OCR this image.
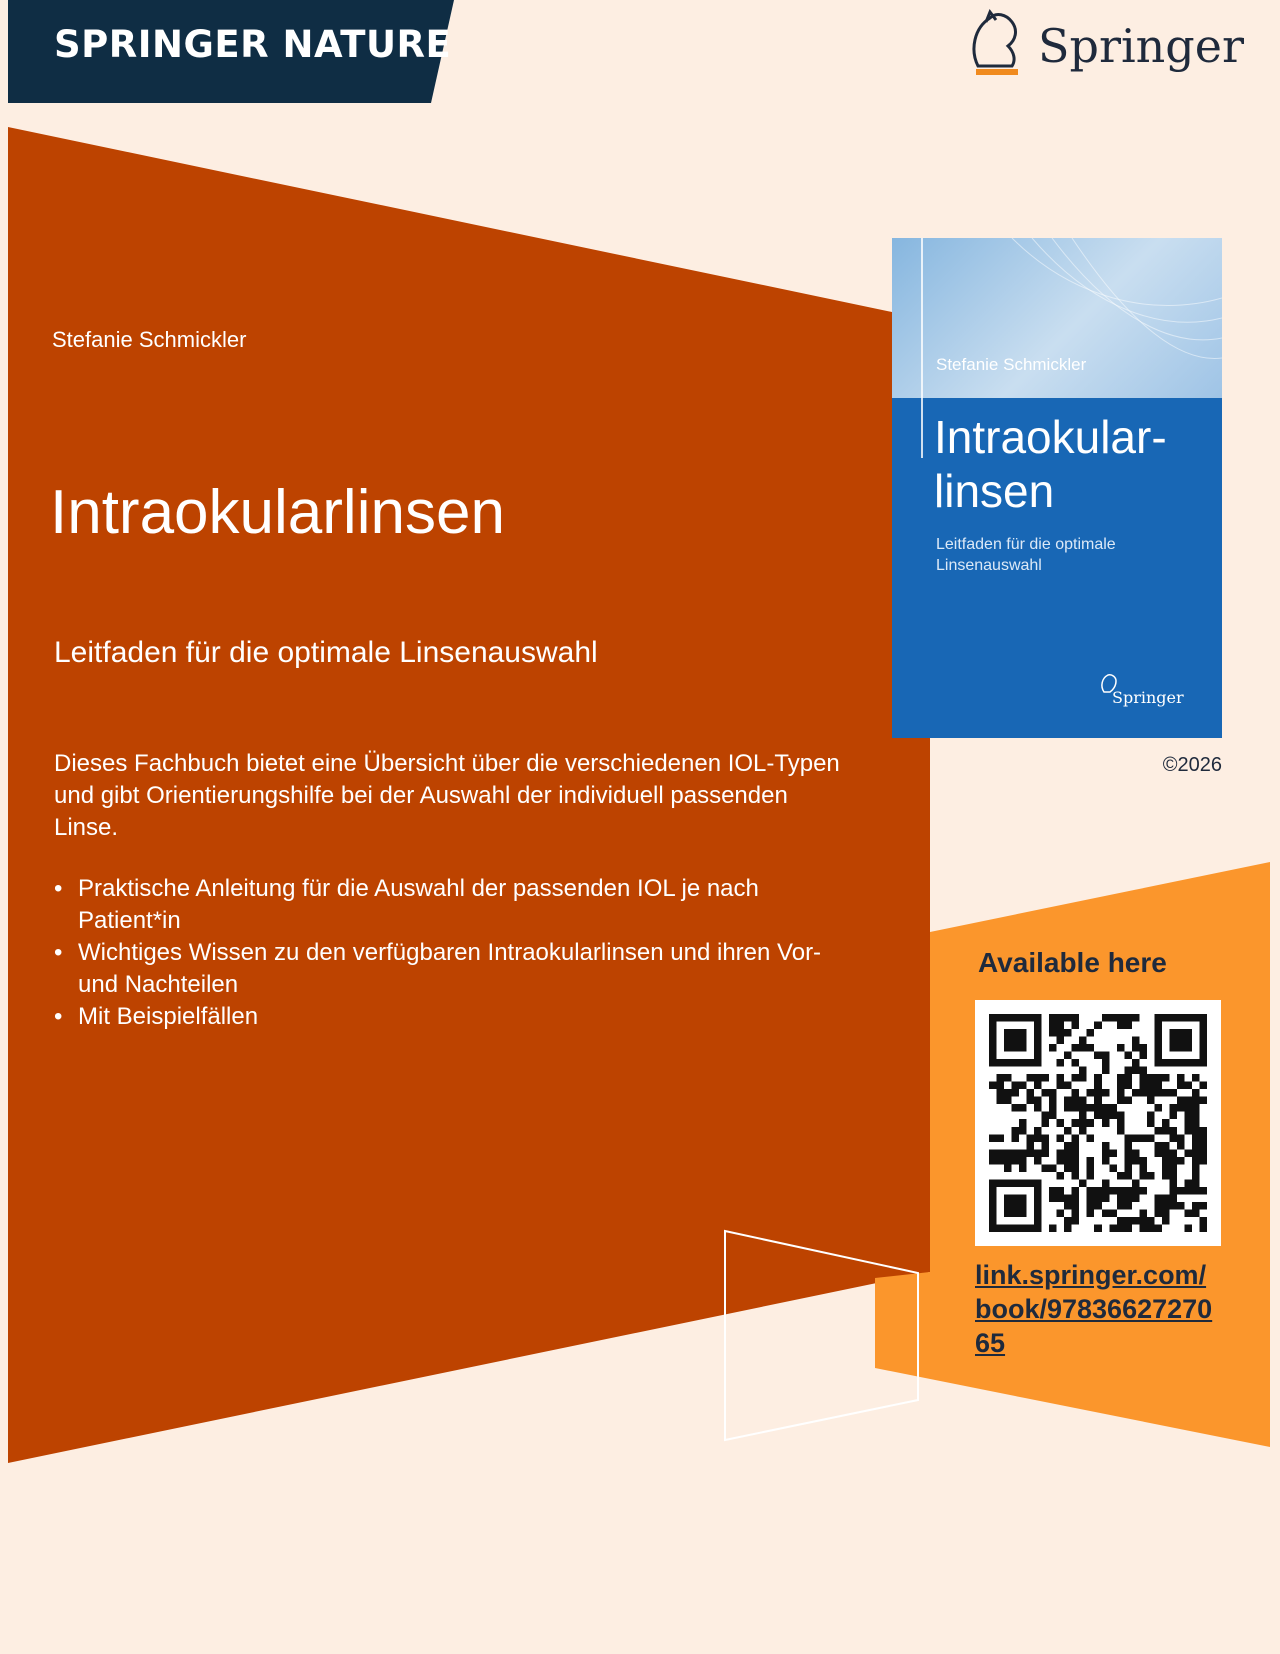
SPRINGER NATURE	Springer
Stefanie Schmickler
Intraokularlinsen
Leitfaden für die optimale Linsenauswahl
Dieses Fachbuch bietet eine Übersicht über die verschiedenen IOL-Typen und gibt Orientierungshilfe bei der Auswahl der individuell passenden Linse.
• Praktische Anleitung für die Auswahl der passenden IOL je nach Patient*in
• Wichtiges Wissen zu den verfügbaren Intraokularlinsen und ihren Vor- und Nachteilen
• Mit Beispielfällen
Stefanie Schmickler
Intraokular-linsen
Leitfaden für die optimale Linsenauswahl
Springer
©2026
Available here
link.springer.com/book/9783662727065
